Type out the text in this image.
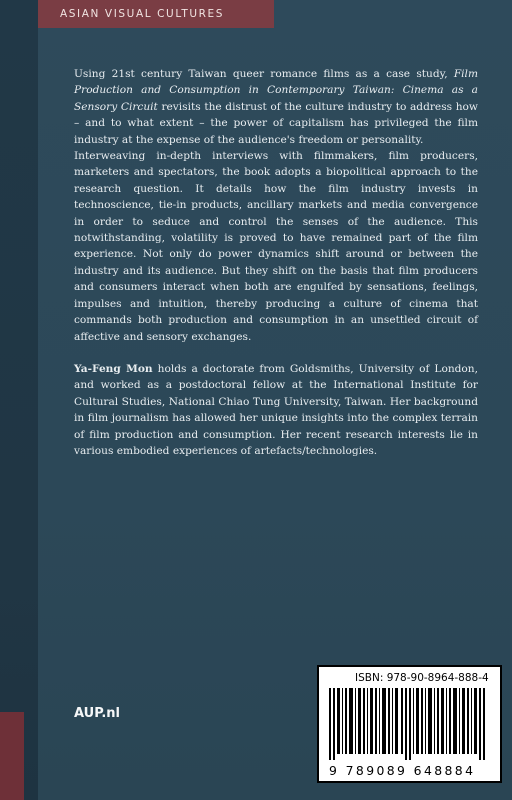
ASIAN VISUAL CULTURES

Using 21st century Taiwan queer romance films as a case study, Film Production and Consumption in Contemporary Taiwan: Cinema as a Sensory Circuit revisits the distrust of the culture industry to address how – and to what extent – the power of capitalism has privileged the film industry at the expense of the audience's freedom or personality.

Interweaving in-depth interviews with filmmakers, film producers, marketers and spectators, the book adopts a biopolitical approach to the research question. It details how the film industry invests in technoscience, tie-in products, ancillary markets and media convergence in order to seduce and control the senses of the audience. This notwithstanding, volatility is proved to have remained part of the film experience. Not only do power dynamics shift around or between the industry and its audience. But they shift on the basis that film producers and consumers interact when both are engulfed by sensations, feelings, impulses and intuition, thereby producing a culture of cinema that commands both production and consumption in an unsettled circuit of affective and sensory exchanges.

Ya-Feng Mon holds a doctorate from Goldsmiths, University of London, and worked as a postdoctoral fellow at the International Institute for Cultural Studies, National Chiao Tung University, Taiwan. Her background in film journalism has allowed her unique insights into the complex terrain of film production and consumption. Her recent research interests lie in various embodied experiences of artefacts/technologies.

AUP.nl
ISBN: 978-90-8964-888-4
9 789089 648884
